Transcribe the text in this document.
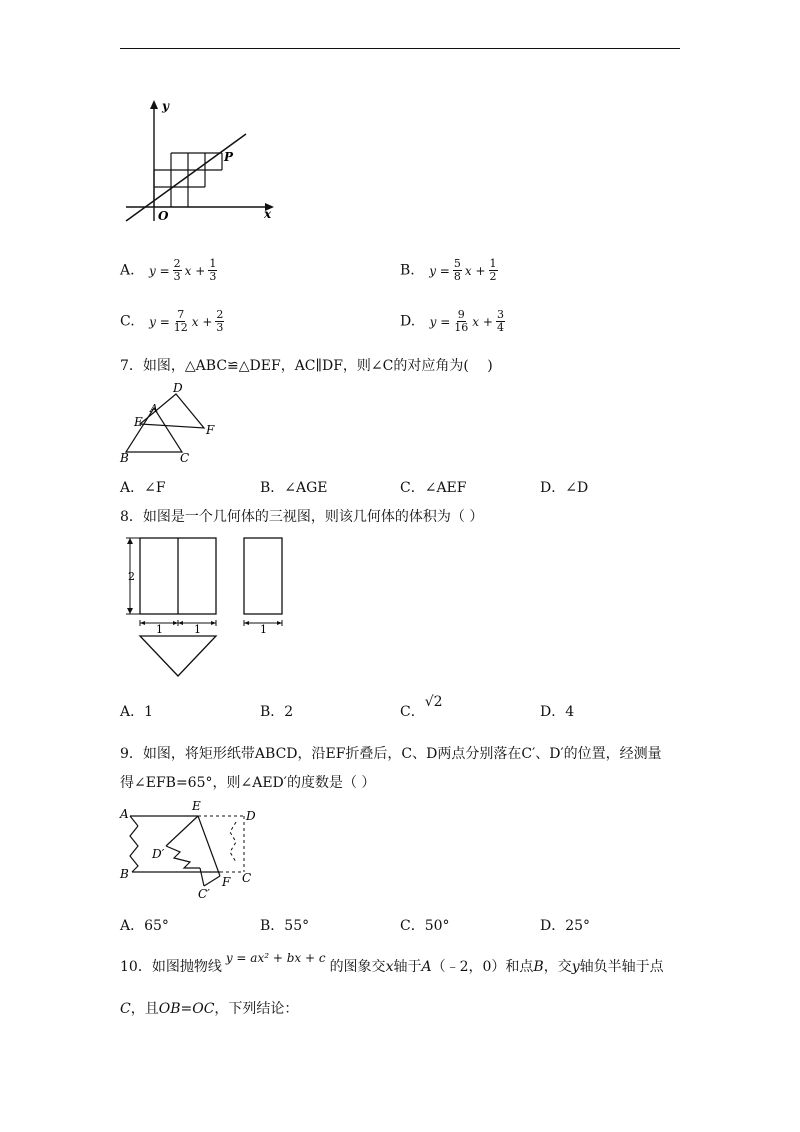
y
x
O
P
A. $y = \frac{2}{3}$ $x + \frac{1}{3}$	B. $y = \frac{5}{8}$ $x + \frac{1}{2}$
C. $y = \frac{7}{12}$ $x + \frac{2}{3}$	D. $y = \frac{9}{16}$ $x + \frac{3}{4}$
7．如图，△ABC≌△DEF，AC∥DF，则∠C的对应角为(　 )
D
A
E
F
B	C
A．∠F	B．∠AGE	C．∠AEF	D．∠D
8．如图是一个几何体的三视图，则该几何体的体积为（ ）
2
1	1	1
A．1	B．2	C．√2
D．4
9．如图，将矩形纸带ABCD，沿EF折叠后，C、D两点分别落在C′、D′的位置，经测量
得∠EFB=65°，则∠AED′的度数是（ ）
A
E
D
D′
B
F C
C′
A．65°	B．55°	C．50°	D．25°
10．如图抛物线y = ax² + bx + c的图象交x轴于A（﹣2，0）和点B，交y轴负半轴于点
C，且OB=OC，下列结论：
